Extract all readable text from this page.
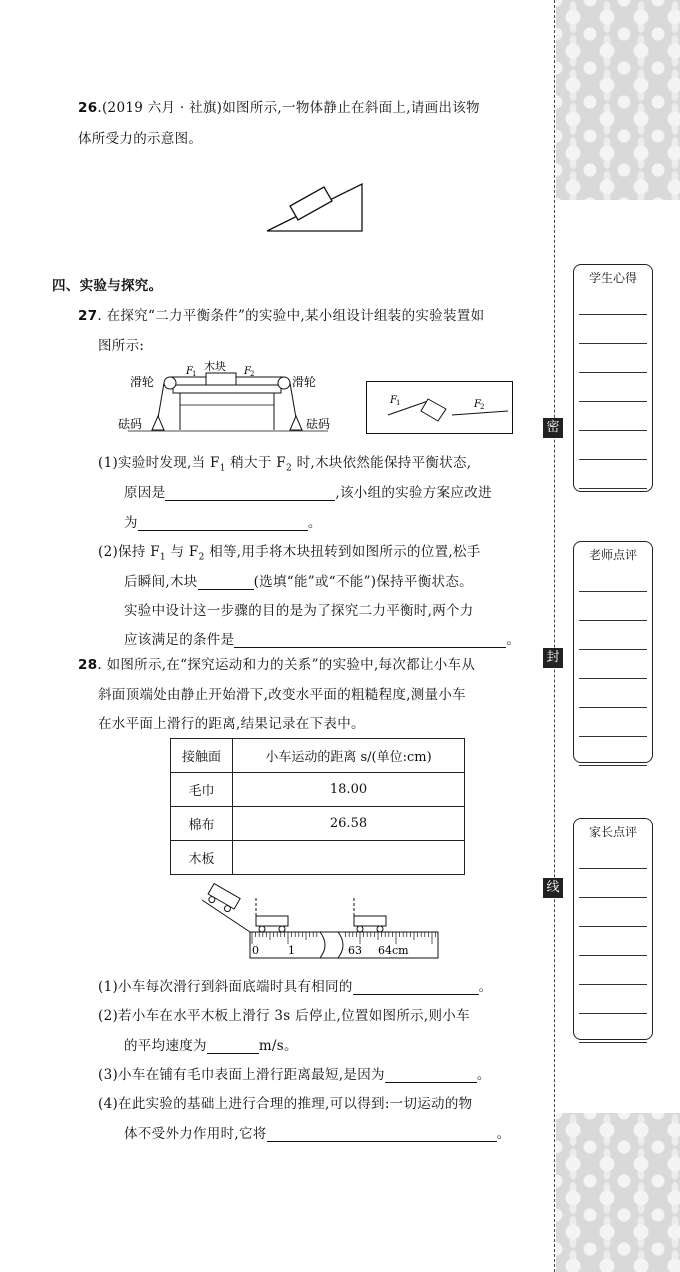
密
封
线
学生心得
老师点评
家长点评
26.(2019 六月 · 社旗)如图所示,一物体静止在斜面上,请画出该物
体所受力的示意图。
四、实验与探究。
27. 在探究“二力平衡条件”的实验中,某小组设计组装的实验装置如
图所示:
F 1	F 2
木块
滑轮	滑轮
砝码	砝码
F 1	F 2
(1)实验时发现,当 $F_1$ 稍大于 $F_2$ 时,木块依然能保持平衡状态,
原因是	,该小组的实验方案应改进
为	。
(2)保持 $F_1$ 与 $F_2$ 相等,用手将木块扭转到如图所示的位置,松手
后瞬间,木块	(选填“能”或“不能”)保持平衡状态。
实验中设计这一步骤的目的是为了探究二力平衡时,两个力
应该满足的条件是	。
28. 如图所示,在“探究运动和力的关系”的实验中,每次都让小车从
斜面顶端处由静止开始滑下,改变水平面的粗糙程度,测量小车
在水平面上滑行的距离,结果记录在下表中。
接触面	小车运动的距离 s/(单位:cm)
毛巾	18.00
棉布	26.58
木板	
0	1	63 64cm
(1)小车每次滑行到斜面底端时具有相同的	。
(2)若小车在水平木板上滑行 3s 后停止,位置如图所示,则小车
的平均速度为	m/s。
(3)小车在铺有毛巾表面上滑行距离最短,是因为	。
(4)在此实验的基础上进行合理的推理,可以得到:一切运动的物
体不受外力作用时,它将	。
